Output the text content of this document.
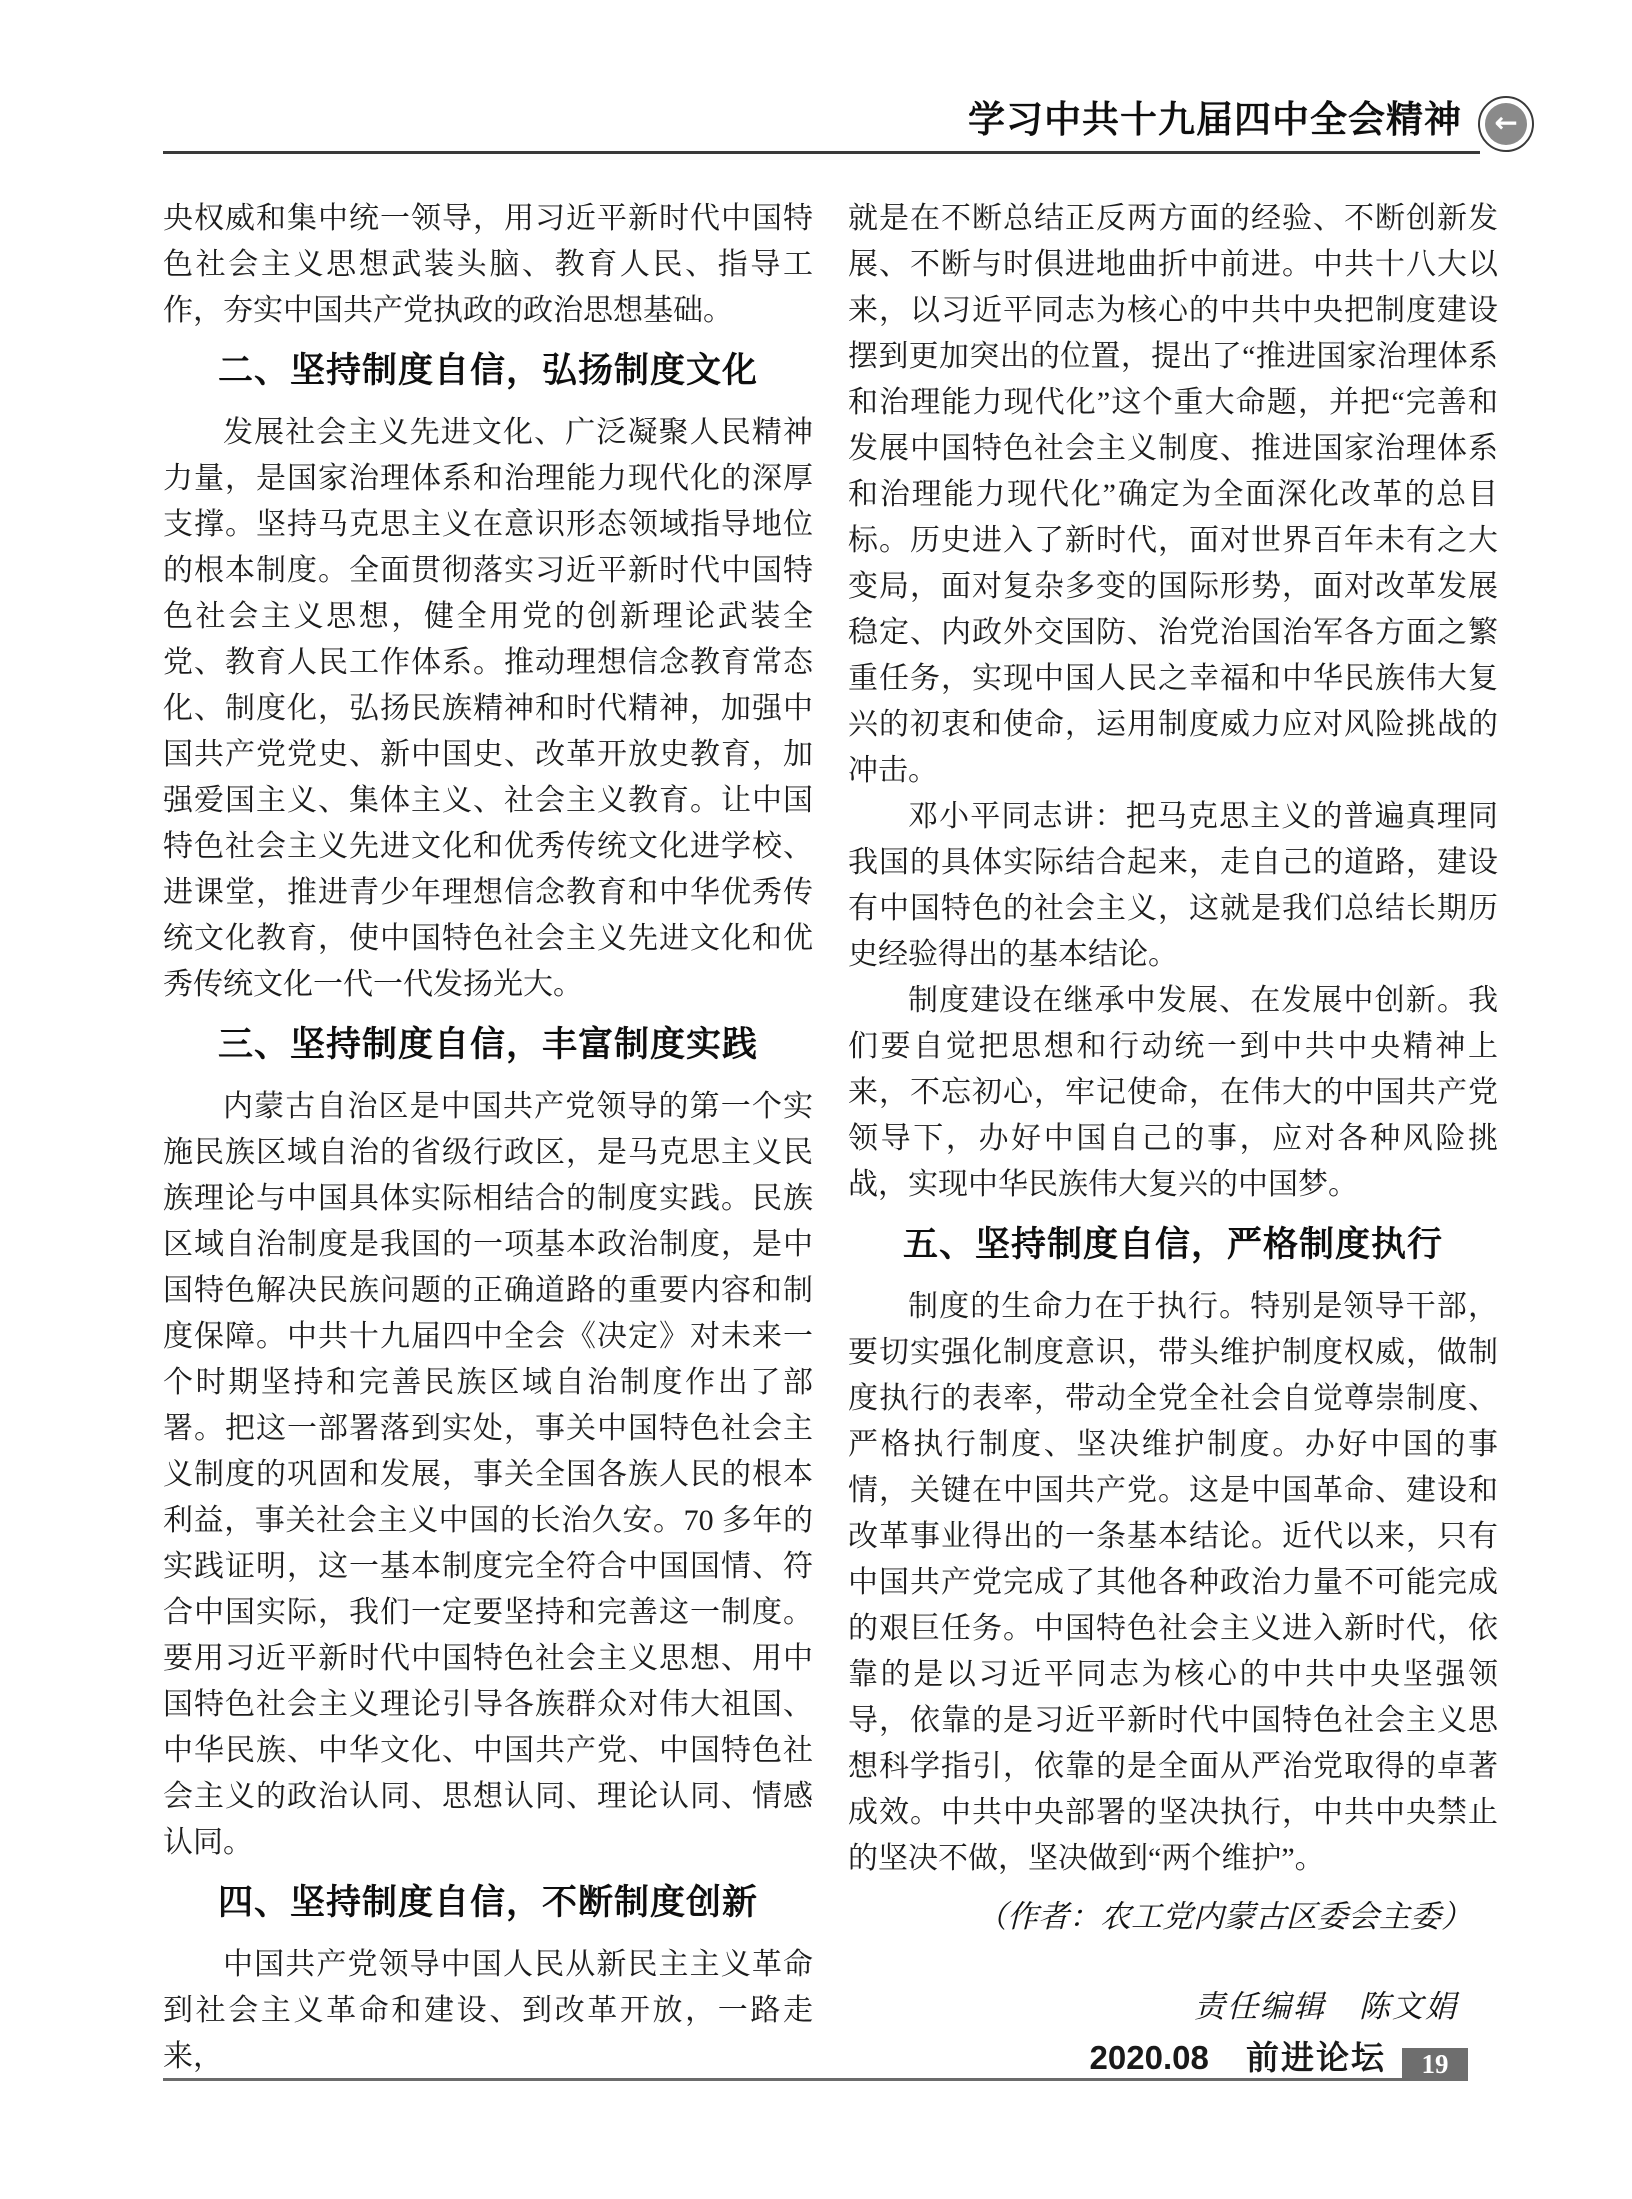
学习中共十九届四中全会精神 ←

央权威和集中统一领导，用习近平新时代中国特色社会主义思想武装头脑、教育人民、指导工作，夯实中国共产党执政的政治思想基础。

二、坚持制度自信，弘扬制度文化

发展社会主义先进文化、广泛凝聚人民精神力量，是国家治理体系和治理能力现代化的深厚支撑。坚持马克思主义在意识形态领域指导地位的根本制度。全面贯彻落实习近平新时代中国特色社会主义思想，健全用党的创新理论武装全党、教育人民工作体系。推动理想信念教育常态化、制度化，弘扬民族精神和时代精神，加强中国共产党党史、新中国史、改革开放史教育，加强爱国主义、集体主义、社会主义教育。让中国特色社会主义先进文化和优秀传统文化进学校、进课堂，推进青少年理想信念教育和中华优秀传统文化教育，使中国特色社会主义先进文化和优秀传统文化一代一代发扬光大。

三、坚持制度自信，丰富制度实践

内蒙古自治区是中国共产党领导的第一个实施民族区域自治的省级行政区，是马克思主义民族理论与中国具体实际相结合的制度实践。民族区域自治制度是我国的一项基本政治制度，是中国特色解决民族问题的正确道路的重要内容和制度保障。中共十九届四中全会《决定》对未来一个时期坚持和完善民族区域自治制度作出了部署。把这一部署落到实处，事关中国特色社会主义制度的巩固和发展，事关全国各族人民的根本利益，事关社会主义中国的长治久安。70 多年的实践证明，这一基本制度完全符合中国国情、符合中国实际，我们一定要坚持和完善这一制度。要用习近平新时代中国特色社会主义思想、用中国特色社会主义理论引导各族群众对伟大祖国、中华民族、中华文化、中国共产党、中国特色社会主义的政治认同、思想认同、理论认同、情感认同。

四、坚持制度自信，不断制度创新

中国共产党领导中国人民从新民主主义革命到社会主义革命和建设、到改革开放，一路走来，

就是在不断总结正反两方面的经验、不断创新发展、不断与时俱进地曲折中前进。中共十八大以来，以习近平同志为核心的中共中央把制度建设摆到更加突出的位置，提出了“推进国家治理体系和治理能力现代化”这个重大命题，并把“完善和发展中国特色社会主义制度、推进国家治理体系和治理能力现代化”确定为全面深化改革的总目标。历史进入了新时代，面对世界百年未有之大变局，面对复杂多变的国际形势，面对改革发展稳定、内政外交国防、治党治国治军各方面之繁重任务，实现中国人民之幸福和中华民族伟大复兴的初衷和使命，运用制度威力应对风险挑战的冲击。

邓小平同志讲：把马克思主义的普遍真理同我国的具体实际结合起来，走自己的道路，建设有中国特色的社会主义，这就是我们总结长期历史经验得出的基本结论。

制度建设在继承中发展、在发展中创新。我们要自觉把思想和行动统一到中共中央精神上来，不忘初心，牢记使命，在伟大的中国共产党领导下，办好中国自己的事，应对各种风险挑战，实现中华民族伟大复兴的中国梦。

五、坚持制度自信，严格制度执行

制度的生命力在于执行。特别是领导干部，要切实强化制度意识，带头维护制度权威，做制度执行的表率，带动全党全社会自觉尊崇制度、严格执行制度、坚决维护制度。办好中国的事情，关键在中国共产党。这是中国革命、建设和改革事业得出的一条基本结论。近代以来，只有中国共产党完成了其他各种政治力量不可能完成的艰巨任务。中国特色社会主义进入新时代，依靠的是以习近平同志为核心的中共中央坚强领导，依靠的是习近平新时代中国特色社会主义思想科学指引，依靠的是全面从严治党取得的卓著成效。中共中央部署的坚决执行，中共中央禁止的坚决不做，坚决做到“两个维护”。

（作者：农工党内蒙古区委会主委）

责任编辑　陈文娟

2020.08 前进论坛	19
